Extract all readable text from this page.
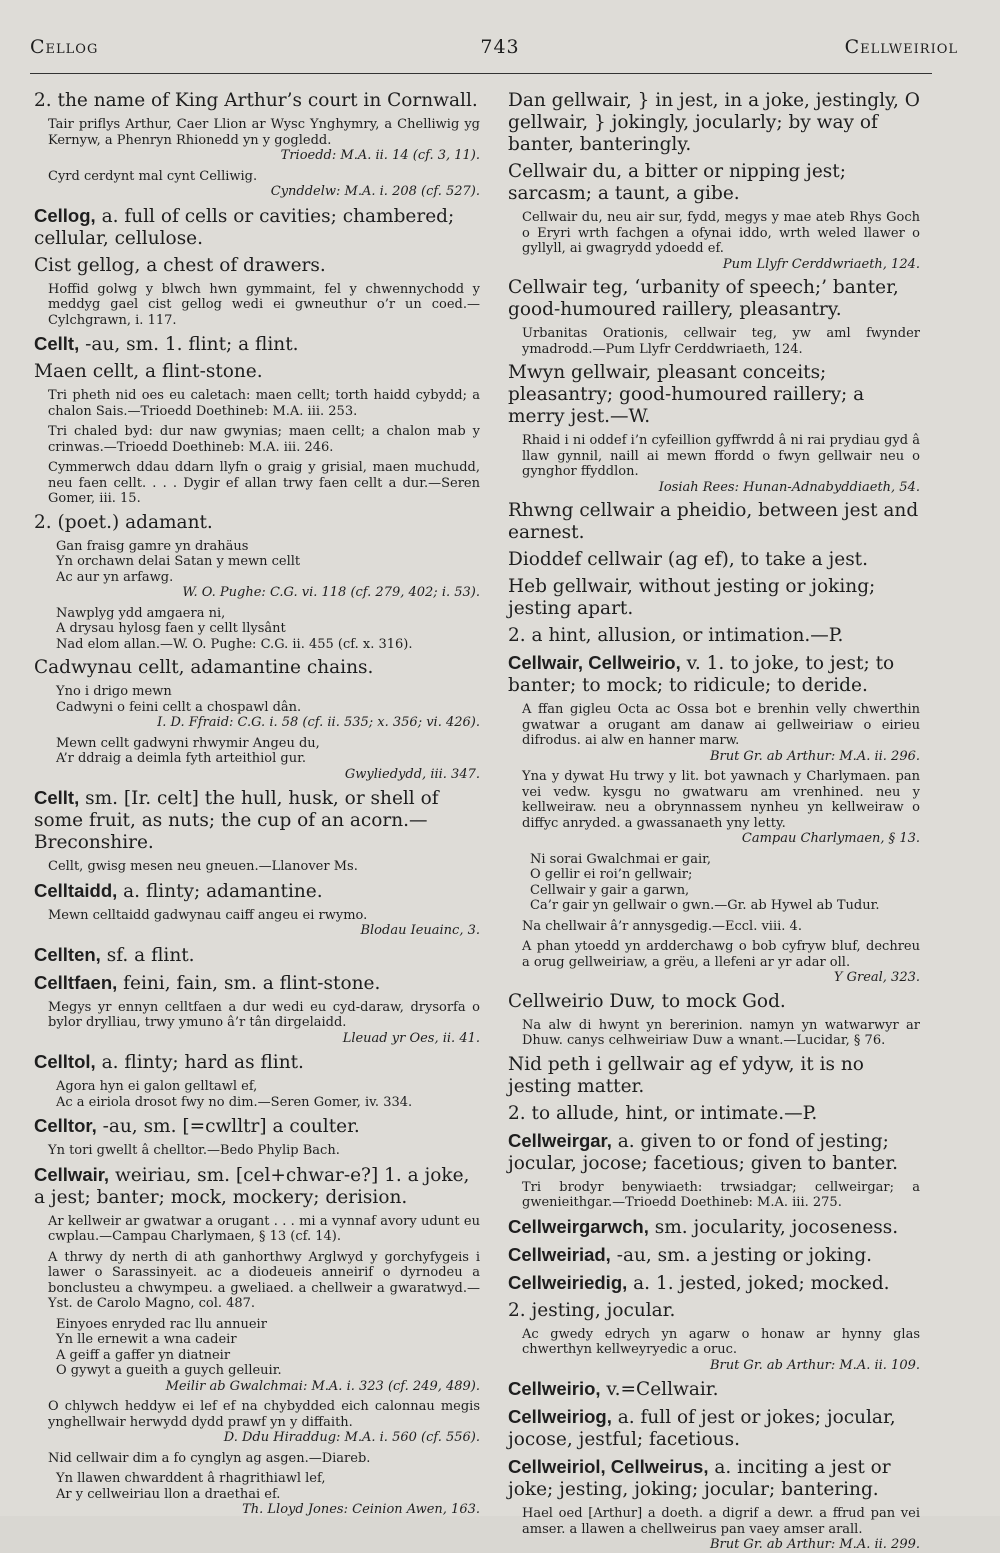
Cellog	743	Cellweiriol
2. the name of King Arthur’s court in Cornwall.
Tair priflys Arthur, Caer Llion ar Wysc Ynghymry, a Chelliwig yg Kernyw, a Phenryn Rhionedd yn y gogledd.
Trioedd: M.A. ii. 14 (cf. 3, 11).
Cyrd cerdynt mal cynt Celliwig.
Cynddelw: M.A. i. 208 (cf. 527).
Cellog, a. full of cells or cavities; chambered; cellular, cellulose.
Cist gellog, a chest of drawers.
Hoffid golwg y blwch hwn gymmaint, fel y chwennychodd y meddyg gael cist gellog wedi ei gwneuthur o’r un coed.—Cylchgrawn, i. 117.
Cellt, -au, sm. 1. flint; a flint.
Maen cellt, a flint-stone.
Tri pheth nid oes eu caletach: maen cellt; torth haidd cybydd; a chalon Sais.—Trioedd Doethineb: M.A. iii. 253.
Tri chaled byd: dur naw gwynias; maen cellt; a chalon mab y crinwas.—Trioedd Doethineb: M.A. iii. 246.
Cymmerwch ddau ddarn llyfn o graig y grisial, maen muchudd, neu faen cellt. . . . Dygir ef allan trwy faen cellt a dur.—Seren Gomer, iii. 15.
2. (poet.) adamant.
Gan fraisg gamre yn drahäus
Yn orchawn delai Satan y mewn cellt
Ac aur yn arfawg.
W. O. Pughe: C.G. vi. 118 (cf. 279, 402; i. 53).
Nawplyg ydd amgaera ni,
A drysau hylosg faen y cellt llysânt
Nad elom allan.—W. O. Pughe: C.G. ii. 455 (cf. x. 316).
Cadwynau cellt, adamantine chains.
Yno i drigo mewn
Cadwyni o feini cellt a chospawl dân.
I. D. Ffraid: C.G. i. 58 (cf. ii. 535; x. 356; vi. 426).
Mewn cellt gadwyni rhwymir Angeu du,
A’r ddraig a deimla fyth arteithiol gur.
Gwyliedydd, iii. 347.
Cellt, sm. [Ir. celt] the hull, husk, or shell of some fruit, as nuts; the cup of an acorn.—Breconshire.
Cellt, gwisg mesen neu gneuen.—Llanover Ms.
Celltaidd, a. flinty; adamantine.
Mewn celltaidd gadwynau caiff angeu ei rwymo.
Blodau Ieuainc, 3.
Cellten, sf. a flint.
Celltfaen, feini, fain, sm. a flint-stone.
Megys yr ennyn celltfaen a dur wedi eu cyd-daraw, drysorfa o bylor drylliau, trwy ymuno â’r tân dirgelaidd.
Lleuad yr Oes, ii. 41.
Celltol, a. flinty; hard as flint.
Agora hyn ei galon gelltawl ef,
Ac a eiriola drosot fwy no dim.—Seren Gomer, iv. 334.
Celltor, -au, sm. [=cwlltr] a coulter.
Yn tori gwellt â chelltor.—Bedo Phylip Bach.
Cellwair, weiriau, sm. [cel+chwar-e?] 1. a joke, a jest; banter; mock, mockery; derision.
Ar kellweir ar gwatwar a orugant . . . mi a vynnaf avory udunt eu cwplau.—Campau Charlymaen, § 13 (cf. 14).
A thrwy dy nerth di ath ganhorthwy Arglwyd y gorchyfygeis i lawer o Sarassinyeit. ac a diodeueis anneirif o dyrnodeu a bonclusteu a chwympeu. a gweliaed. a chellweir a gwaratwyd.—Yst. de Carolo Magno, col. 487.
Einyoes enryded rac llu annueir
Yn lle ernewit a wna cadeir
A geiff a gaffer yn diatneir
O gywyt a gueith a guych gelleuir.
Meilir ab Gwalchmai: M.A. i. 323 (cf. 249, 489).
O chlywch heddyw ei lef ef na chybydded eich calonnau megis ynghellwair herwydd dydd prawf yn y diffaith.
D. Ddu Hiraddug: M.A. i. 560 (cf. 556).
Nid cellwair dim a fo cynglyn ag asgen.—Diareb.
Yn llawen chwarddent â rhagrithiawl lef,
Ar y cellweiriau llon a draethai ef.
Th. Lloyd Jones: Ceinion Awen, 163.
Dan gellwair, } in jest, in a joke, jestingly, O gellwair, } jokingly, jocularly; by way of banter, banteringly.
Cellwair du, a bitter or nipping jest; sarcasm; a taunt, a gibe.
Cellwair du, neu air sur, fydd, megys y mae ateb Rhys Goch o Eryri wrth fachgen a ofynai iddo, wrth weled llawer o gyllyll, ai gwagrydd ydoedd ef.
Pum Llyfr Cerddwriaeth, 124.
Cellwair teg, ‘urbanity of speech;’ banter, good-humoured raillery, pleasantry.
Urbanitas Orationis, cellwair teg, yw aml fwynder ymadrodd.—Pum Llyfr Cerddwriaeth, 124.
Mwyn gellwair, pleasant conceits; pleasantry; good-humoured raillery; a merry jest.—W.
Rhaid i ni oddef i’n cyfeillion gyffwrdd â ni rai prydiau gyd â llaw gynnil, naill ai mewn ffordd o fwyn gellwair neu o gynghor ffyddlon.
Iosiah Rees: Hunan-Adnabyddiaeth, 54.
Rhwng cellwair a pheidio, between jest and earnest.
Dioddef cellwair (ag ef), to take a jest.
Heb gellwair, without jesting or joking; jesting apart.
2. a hint, allusion, or intimation.—P.
Cellwair, Cellweirio, v. 1. to joke, to jest; to banter; to mock; to ridicule; to deride.
A ffan gigleu Octa ac Ossa bot e brenhin velly chwerthin gwatwar a orugant am danaw ai gellweiriaw o eirieu difrodus. ai alw en hanner marw.
Brut Gr. ab Arthur: M.A. ii. 296.
Yna y dywat Hu trwy y lit. bot yawnach y Charlymaen. pan vei vedw. kysgu no gwatwaru am vrenhined. neu y kellweiraw. neu a obrynnassem nynheu yn kellweiraw o diffyc anryded. a gwassanaeth yny letty.
Campau Charlymaen, § 13.
Ni sorai Gwalchmai er gair,
O gellir ei roi’n gellwair;
Cellwair y gair a garwn,
Ca’r gair yn gellwair o gwn.—Gr. ab Hywel ab Tudur.
Na chellwair â’r annysgedig.—Eccl. viii. 4.
A phan ytoedd yn ardderchawg o bob cyfryw bluf, dechreu a orug gellweiriaw, a grëu, a llefeni ar yr adar oll.
Y Greal, 323.
Cellweirio Duw, to mock God.
Na alw di hwynt yn bererinion. namyn yn watwarwyr ar Dhuw. canys celhweiriaw Duw a wnant.—Lucidar, § 76.
Nid peth i gellwair ag ef ydyw, it is no jesting matter.
2. to allude, hint, or intimate.—P.
Cellweirgar, a. given to or fond of jesting; jocular, jocose; facetious; given to banter.
Tri brodyr benywiaeth: trwsiadgar; cellweirgar; a gwenieithgar.—Trioedd Doethineb: M.A. iii. 275.
Cellweirgarwch, sm. jocularity, jocoseness.
Cellweiriad, -au, sm. a jesting or joking.
Cellweiriedig, a. 1. jested, joked; mocked.
2. jesting, jocular.
Ac gwedy edrych yn agarw o honaw ar hynny glas chwerthyn kellweyryedic a oruc.
Brut Gr. ab Arthur: M.A. ii. 109.
Cellweirio, v.=Cellwair.
Cellweiriog, a. full of jest or jokes; jocular, jocose, jestful; facetious.
Cellweiriol, Cellweirus, a. inciting a jest or joke; jesting, joking; jocular; bantering.
Hael oed [Arthur] a doeth. a digrif a dewr. a ffrud pan vei amser. a llawen a chellweirus pan vaey amser arall.
Brut Gr. ab Arthur: M.A. ii. 299.
